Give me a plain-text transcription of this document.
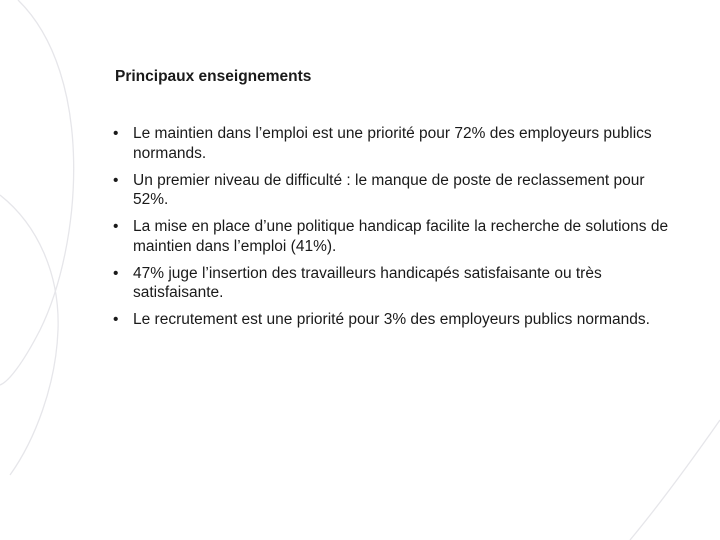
Principaux enseignements
• Le maintien dans l’emploi est une priorité pour 72% des employeurs publics normands.
• Un premier niveau de difficulté : le manque de poste de reclassement pour 52%.
• La mise en place d’une politique handicap facilite la recherche de solutions de maintien dans l’emploi (41%).
• 47% juge l’insertion des travailleurs handicapés satisfaisante ou très satisfaisante.
• Le recrutement est une priorité pour 3% des employeurs publics normands.
